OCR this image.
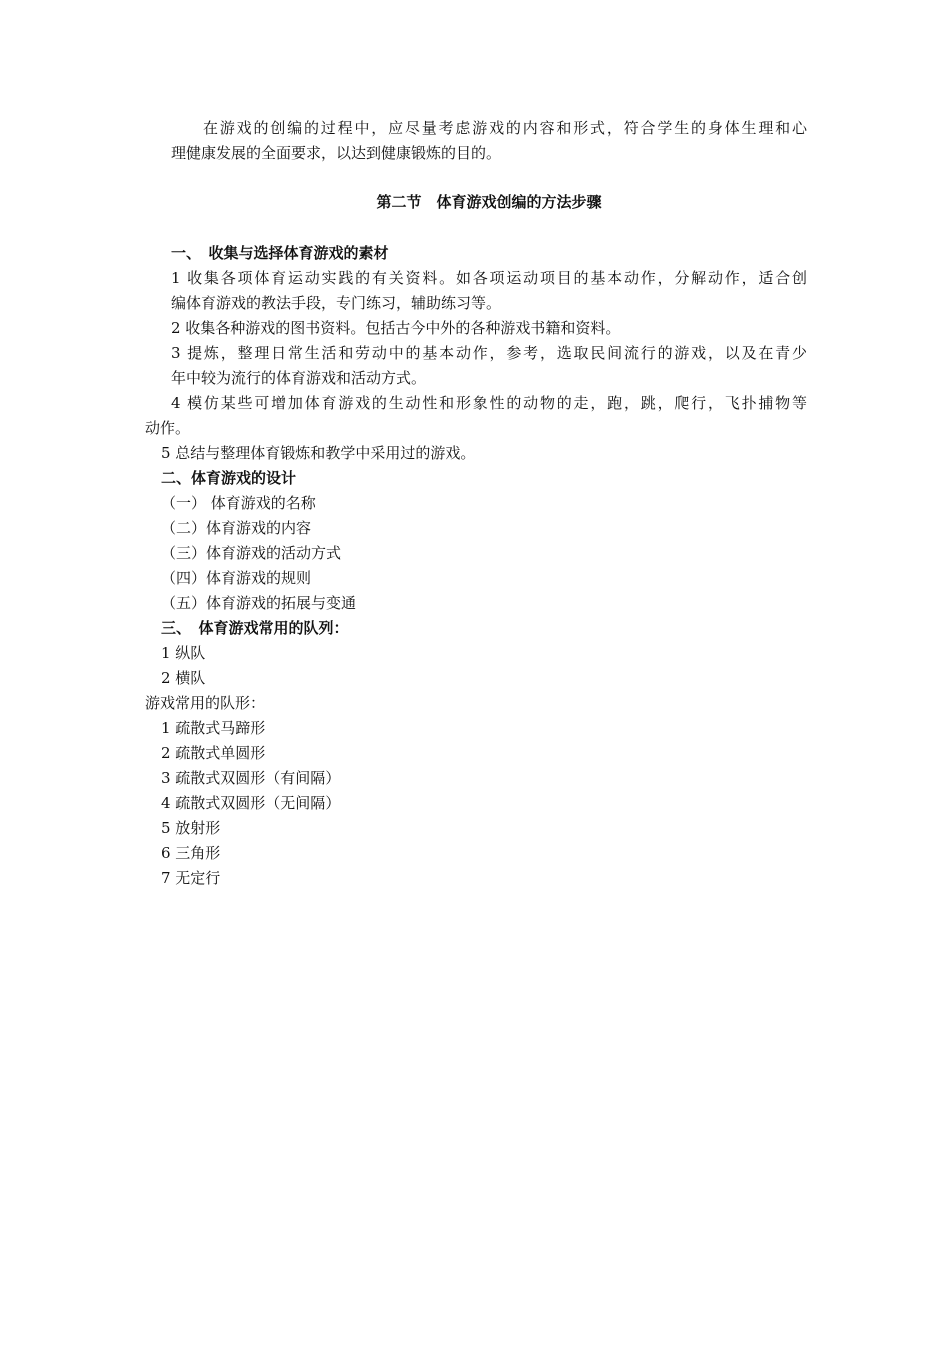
在游戏的创编的过程中，应尽量考虑游戏的内容和形式，符合学生的身体生理和心
理健康发展的全面要求，以达到健康锻炼的目的。
第二节　体育游戏创编的方法步骤
一、　收集与选择体育游戏的素材
1 收集各项体育运动实践的有关资料。如各项运动项目的基本动作，分解动作，适合创
编体育游戏的教法手段，专门练习，辅助练习等。
2 收集各种游戏的图书资料。包括古今中外的各种游戏书籍和资料。
3 提炼，整理日常生活和劳动中的基本动作，参考，选取民间流行的游戏，以及在青少
年中较为流行的体育游戏和活动方式。
4 模仿某些可增加体育游戏的生动性和形象性的动物的走，跑，跳，爬行，飞扑捕物等
动作。
5 总结与整理体育锻炼和教学中采用过的游戏。
二、体育游戏的设计
（一） 体育游戏的名称
（二）体育游戏的内容
（三）体育游戏的活动方式
（四）体育游戏的规则
（五）体育游戏的拓展与变通
三、　体育游戏常用的队列：
1 纵队
2 横队
游戏常用的队形：
1 疏散式马蹄形
2 疏散式单圆形
3 疏散式双圆形（有间隔）
4 疏散式双圆形（无间隔）
5 放射形
6 三角形
7 无定行
